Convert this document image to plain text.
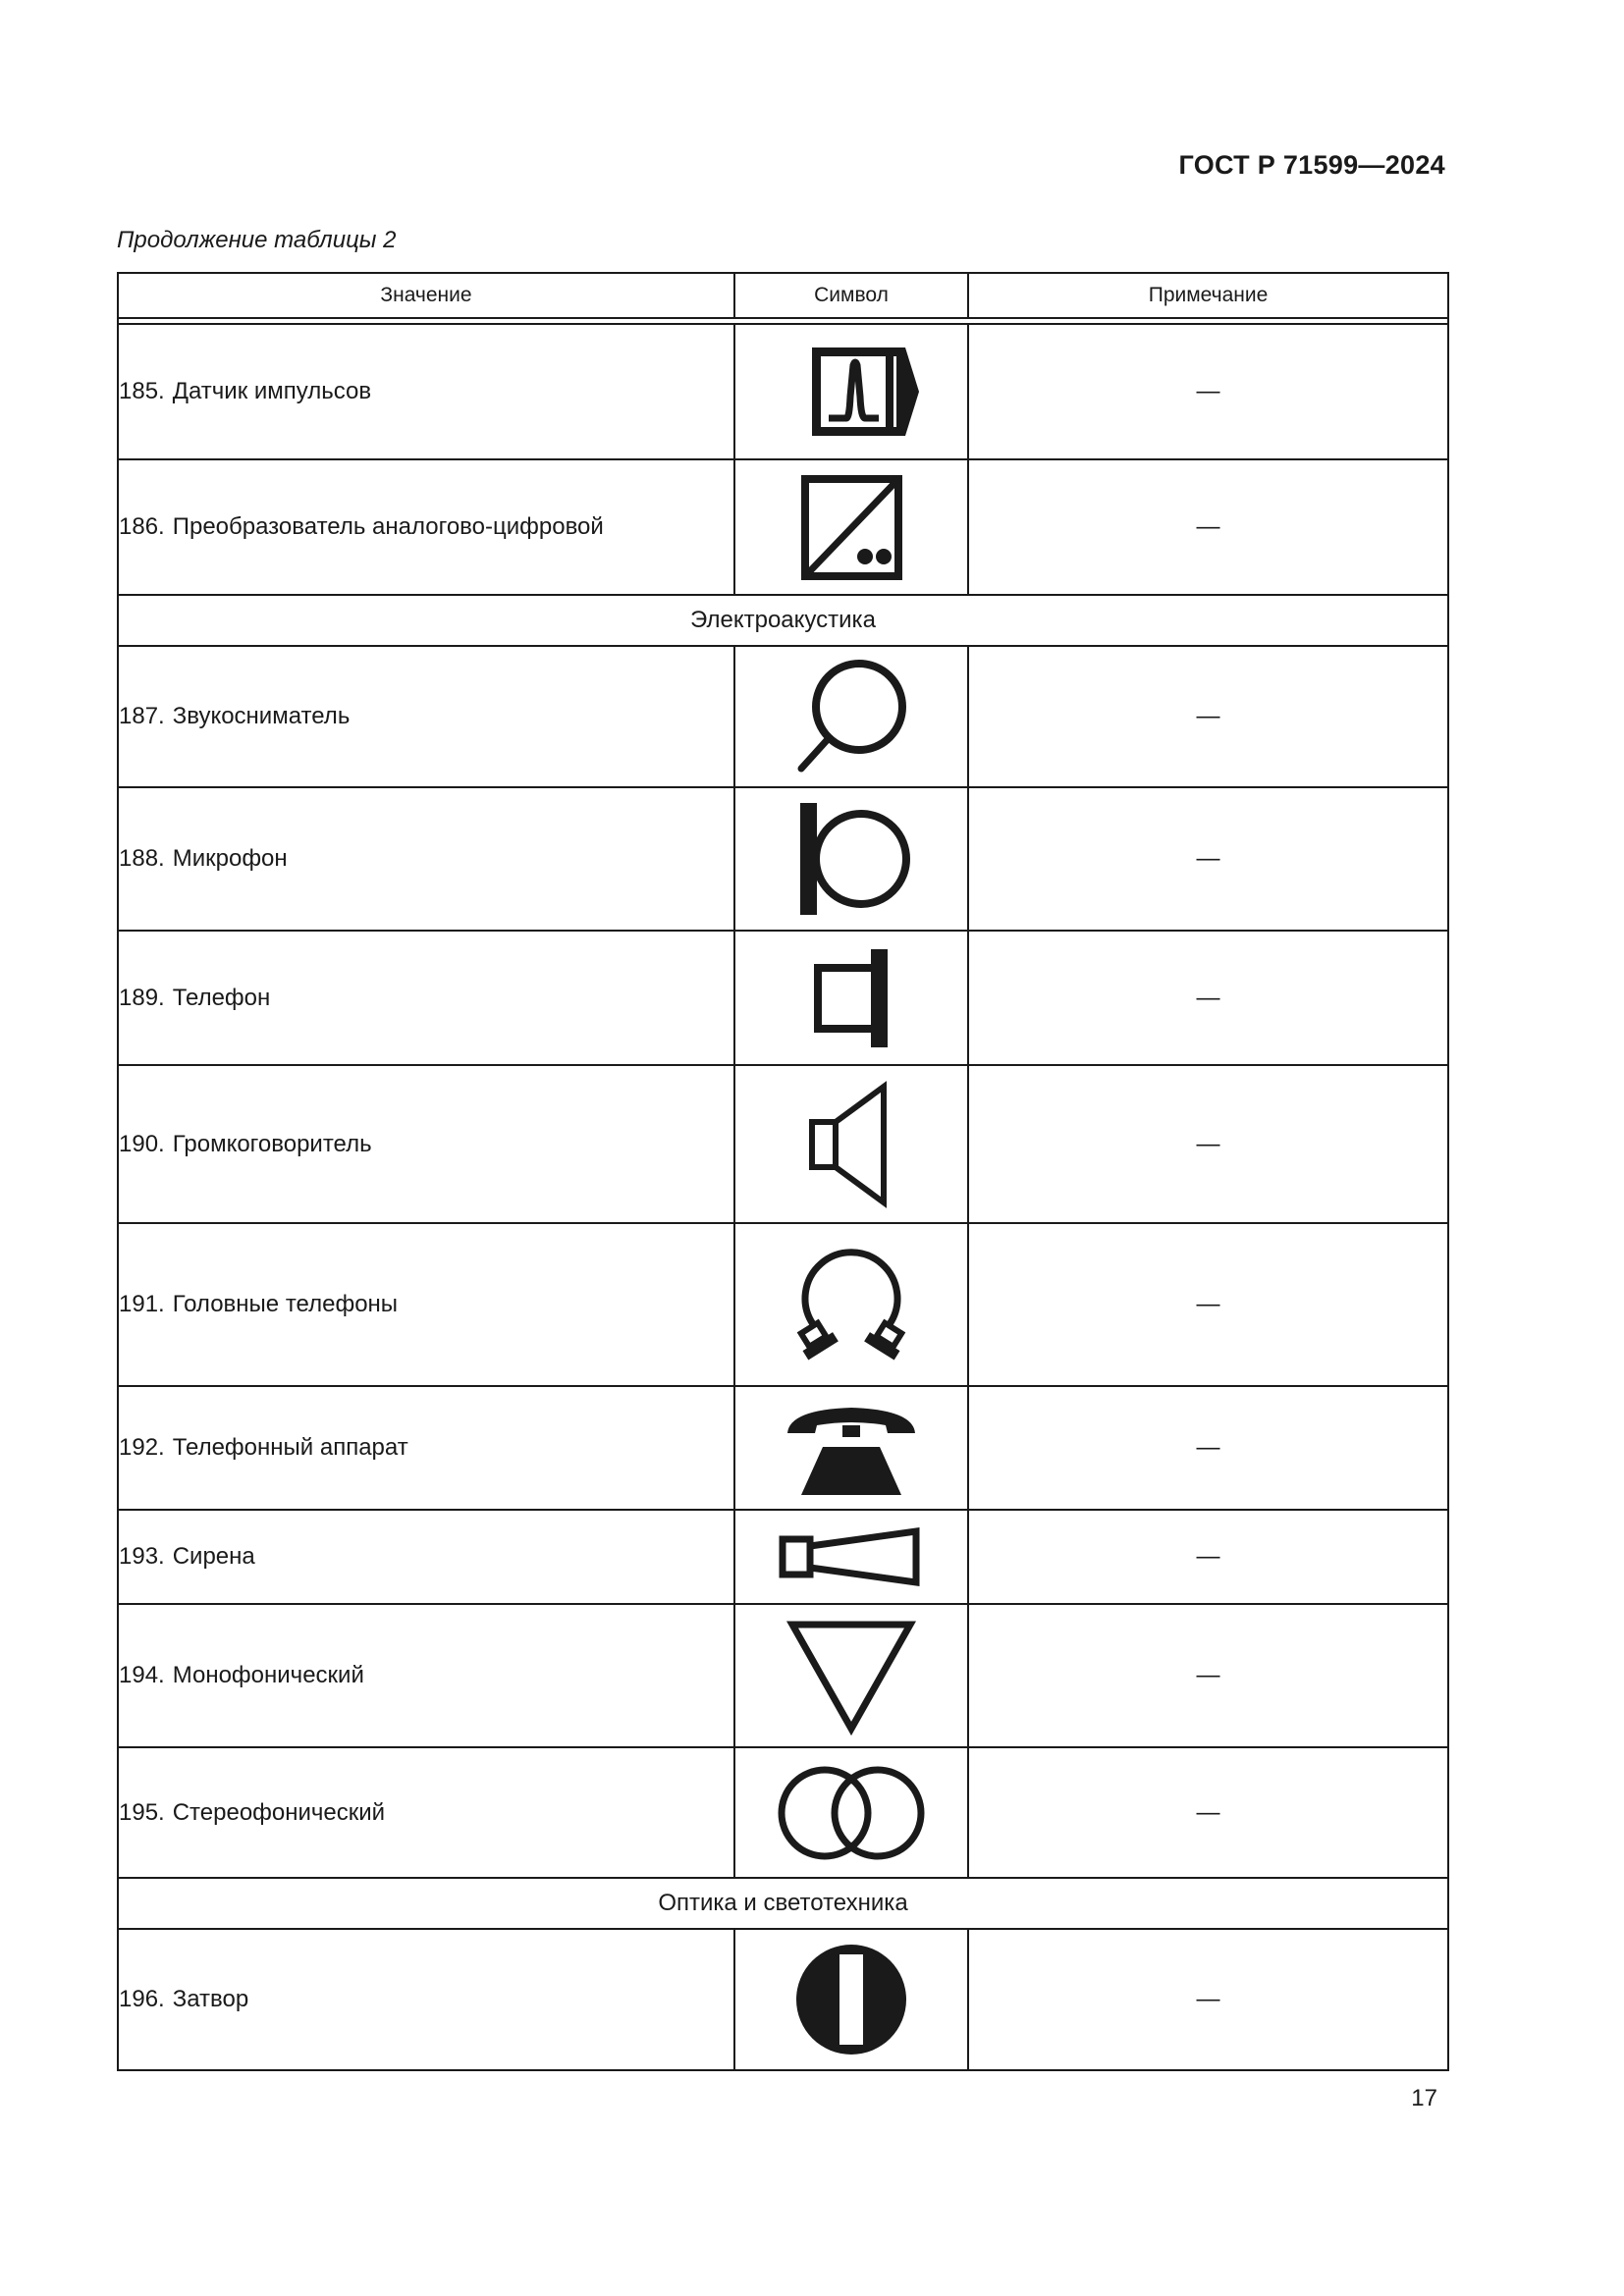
ГОСТ Р 71599—2024
Продолжение таблицы 2
Значение	Символ	Примечание

185. Датчик импульсов		—
186. Преобразователь аналогово-цифровой		—
Электроакустика		
187. Звукосниматель		—
188. Микрофон		—
189. Телефон		—
190. Громкоговоритель		—
191. Головные телефоны		—
192. Телефонный аппарат		—
193. Сирена		—
194. Монофонический		—
195. Стереофонический		—
Оптика и светотехника		
196. Затвор		—
17
